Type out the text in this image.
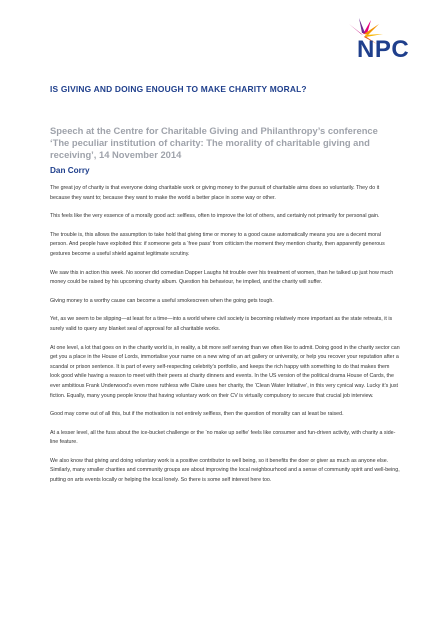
NPC
IS GIVING AND DOING ENOUGH TO MAKE CHARITY MORAL?
Speech at the Centre for Charitable Giving and Philanthropy’s conference ‘The peculiar institution of charity: The morality of charitable giving and receiving’, 14 November 2014
Dan Corry

The great joy of charity is that everyone doing charitable work or giving money to the pursuit of charitable aims does so voluntarily. They do it because they want to; because they want to make the world a better place in some way or other.

This feels like the very essence of a morally good act: selfless, often to improve the lot of others, and certainly not primarily for personal gain.

The trouble is, this allows the assumption to take hold that giving time or money to a good cause automatically means you are a decent moral person. And people have exploited this: if someone gets a ‘free pass’ from criticism the moment they mention charity, then apparently generous gestures become a useful shield against legitimate scrutiny.

We saw this in action this week. No sooner did comedian Dapper Laughs hit trouble over his treatment of women, than he talked up just how much money could be raised by his upcoming charity album. Question his behaviour, he implied, and the charity will suffer.

Giving money to a worthy cause can become a useful smokescreen when the going gets tough.

Yet, as we seem to be slipping—at least for a time—into a world where civil society is becoming relatively more important as the state retreats, it is surely valid to query any blanket seal of approval for all charitable works.

At one level, a lot that goes on in the charity world is, in reality, a bit more self serving than we often like to admit. Doing good in the charity sector can get you a place in the House of Lords, immortalise your name on a new wing of an art gallery or university, or help you recover your reputation after a scandal or prison sentence. It is part of every self-respecting celebrity’s portfolio, and keeps the rich happy with something to do that makes them look good while having a reason to meet with their peers at charity dinners and events. In the US version of the political drama House of Cards, the ever ambitious Frank Underwood’s even more ruthless wife Claire uses her charity, the ‘Clean Water Initiative’, in this very cynical way. Lucky it’s just fiction. Equally, many young people know that having voluntary work on their CV is virtually compulsory to secure that crucial job interview.

Good may come out of all this, but if the motivation is not entirely selfless, then the question of morality can at least be raised.

At a lesser level, all the fuss about the ice-bucket challenge or the ‘no make up selfie’ feels like consumer and fun-driven activity, with charity a side-line feature.

We also know that giving and doing voluntary work is a positive contributor to well being, so it benefits the doer or giver as much as anyone else. Similarly, many smaller charities and community groups are about improving the local neighbourhood and a sense of community spirit and well-being, putting on arts events locally or helping the local lonely. So there is some self interest here too.
